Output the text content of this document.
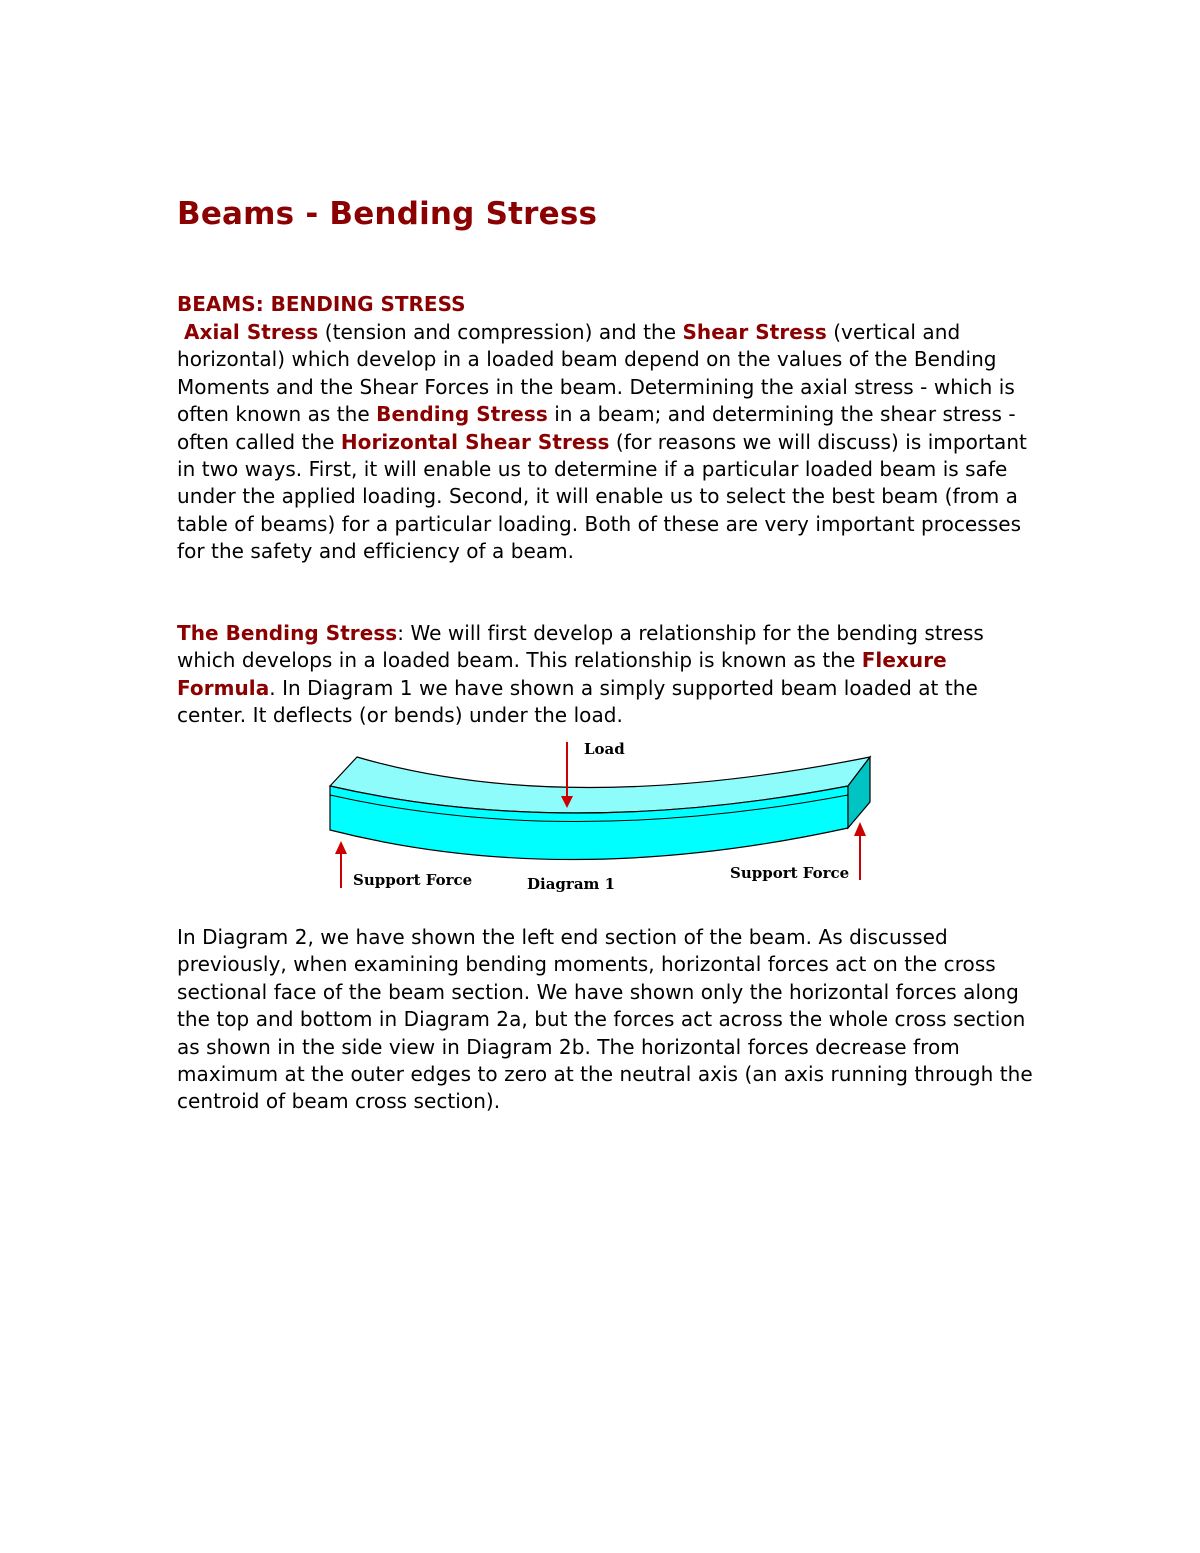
Beams - Bending Stress
BEAMS: BENDING STRESS

Axial Stress (tension and compression) and the Shear Stress (vertical and horizontal) which develop in a loaded beam depend on the values of the Bending Moments and the Shear Forces in the beam. Determining the axial stress - which is often known as the Bending Stress in a beam; and determining the shear stress - often called the Horizontal Shear Stress (for reasons we will discuss) is important in two ways. First, it will enable us to determine if a particular loaded beam is safe under the applied loading. Second, it will enable us to select the best beam (from a table of beams) for a particular loading. Both of these are very important processes for the safety and efficiency of a beam.

The Bending Stress: We will first develop a relationship for the bending stress which develops in a loaded beam. This relationship is known as the Flexure Formula. In Diagram 1 we have shown a simply supported beam loaded at the center. It deflects (or bends) under the load.

In Diagram 2, we have shown the left end section of the beam. As discussed previously, when examining bending moments, horizontal forces act on the cross sectional face of the beam section. We have shown only the horizontal forces along the top and bottom in Diagram 2a, but the forces act across the whole cross section as shown in the side view in Diagram 2b. The horizontal forces decrease from maximum at the outer edges to zero at the neutral axis (an axis running through the centroid of beam cross section).

Load
Support Force	Support Force
Diagram 1
